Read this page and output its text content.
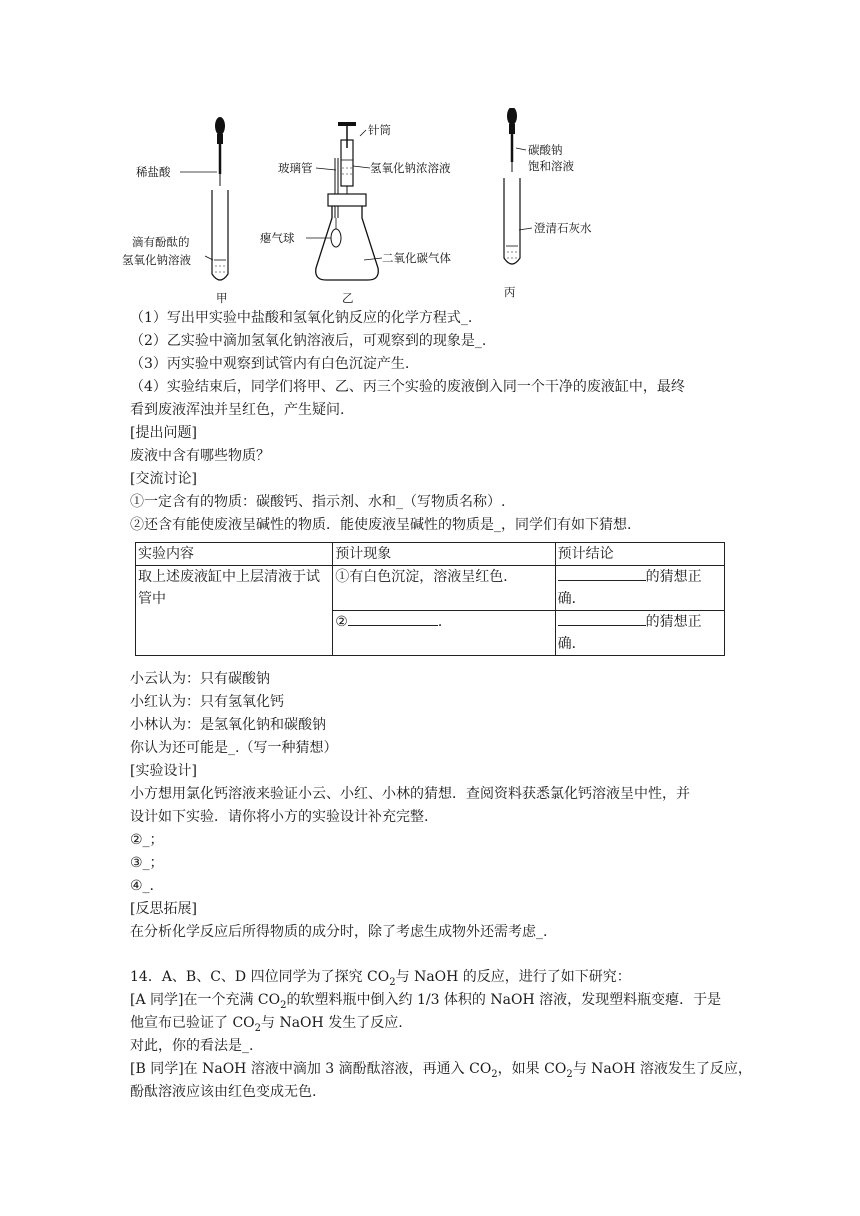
稀盐酸
滴有酚酞的
氢氧化钠溶液
甲
针筒
玻璃管	氢氧化钠浓溶液
瘪气球
二氧化碳气体
乙
碳酸钠
饱和溶液
澄清石灰水
丙
（1）写出甲实验中盐酸和氢氧化钠反应的化学方程式_.
（2）乙实验中滴加氢氧化钠溶液后，可观察到的现象是_.
（3）丙实验中观察到试管内有白色沉淀产生.
（4）实验结束后，同学们将甲、乙、丙三个实验的废液倒入同一个干净的废液缸中，最终
看到废液浑浊并呈红色，产生疑问.
[提出问题]
废液中含有哪些物质？
[交流讨论]
①一定含有的物质：碳酸钙、指示剂、水和_（写物质名称）.
②还含有能使废液呈碱性的物质．能使废液呈碱性的物质是_，同学们有如下猜想.
实验内容	预计现象	预计结论
取上述废液缸中上层清液于试管中	①有白色沉淀，溶液呈红色．	的猜想正
确．
	② ．	的猜想正
确．
小云认为：只有碳酸钠
小红认为：只有氢氧化钙
小林认为：是氢氧化钠和碳酸钠
你认为还可能是_.（写一种猜想）
[实验设计]
小方想用氯化钙溶液来验证小云、小红、小林的猜想．查阅资料获悉氯化钙溶液呈中性，并
设计如下实验．请你将小方的实验设计补充完整.
②_；
③_；
④_.
[反思拓展]
在分析化学反应后所得物质的成分时，除了考虑生成物外还需考虑_.
14．A、B、C、D 四位同学为了探究 $CO_2$与 NaOH 的反应，进行了如下研究：
[A 同学]在一个充满 $CO_2$的软塑料瓶中倒入约 1/3 体积的 NaOH 溶液，发现塑料瓶变瘪．于是
他宣布已验证了 $CO_2$与 NaOH 发生了反应.
对此，你的看法是_.
[B 同学]在 NaOH 溶液中滴加 3 滴酚酞溶液，再通入 $CO_2$，如果 $CO_2$与 NaOH 溶液发生了反应，
酚酞溶液应该由红色变成无色.
